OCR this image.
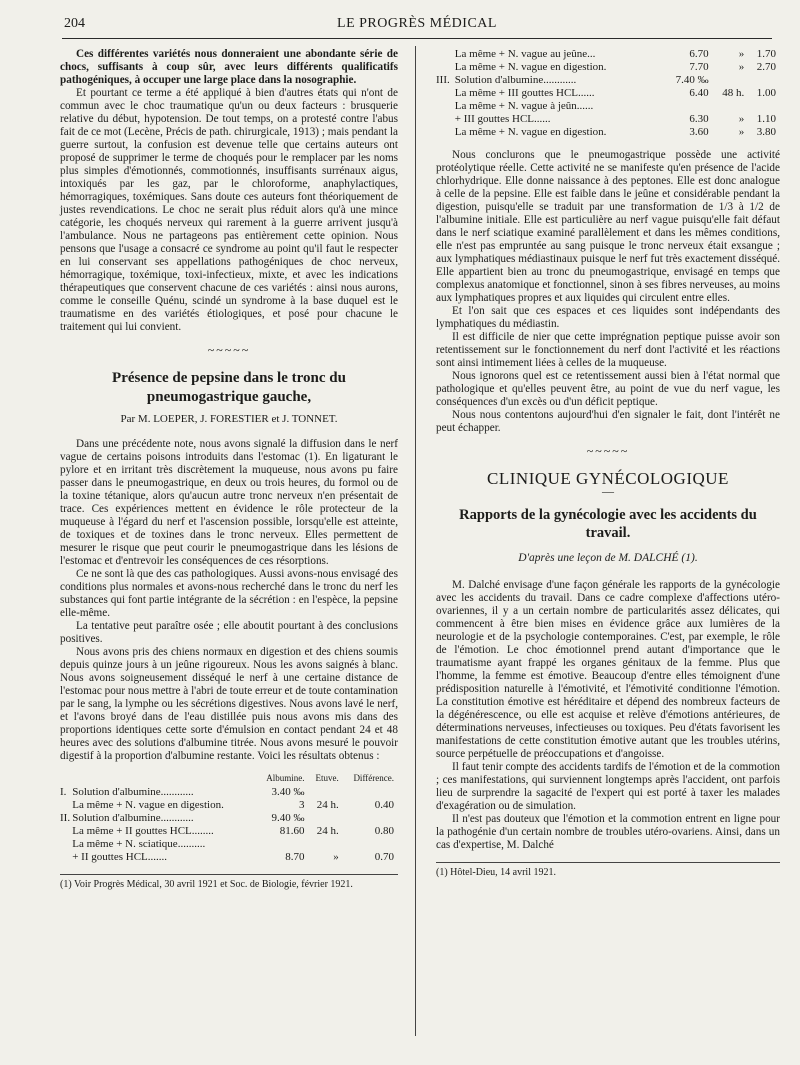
204	LE PROGRÈS MÉDICAL

Ces différentes variétés nous donneraient une abondante série de chocs, suffisants à coup sûr, avec leurs différents qualificatifs pathogéniques, à occuper une large place dans la nosographie.

Et pourtant ce terme a été appliqué à bien d'autres états qui n'ont de commun avec le choc traumatique qu'un ou deux facteurs : brusquerie relative du début, hypotension. De tout temps, on a protesté contre l'abus fait de ce mot (Lecène, Précis de path. chirurgicale, 1913) ; mais pendant la guerre surtout, la confusion est devenue telle que certains auteurs ont proposé de supprimer le terme de choqués pour le remplacer par les noms plus simples d'émotionnés, commotionnés, insuffisants surrénaux aigus, intoxiqués par les gaz, par le chloroforme, anaphylactiques, hémorragiques, toxémiques. Sans doute ces auteurs font théoriquement de justes revendications. Le choc ne serait plus réduit alors qu'à une mince catégorie, les choqués nerveux qui rarement à la guerre arrivent jusqu'à l'ambulance. Nous ne partageons pas entièrement cette opinion. Nous pensons que l'usage a consacré ce syndrome au point qu'il faut le respecter en lui conservant ses appellations pathogéniques de choc nerveux, hémorragique, toxémique, toxi-infectieux, mixte, et avec les indications thérapeutiques que conservent chacune de ces variétés : ainsi nous aurons, comme le conseille Quénu, scindé un syndrome à la base duquel est le traumatisme en des variétés étiologiques, et posé pour chacune le traitement qui lui convient.

~~~~~
Présence de pepsine dans le tronc du pneumogastrique gauche,
Par M. LOEPER, J. FORESTIER et J. TONNET.

Dans une précédente note, nous avons signalé la diffusion dans le nerf vague de certains poisons introduits dans l'estomac (1). En ligaturant le pylore et en irritant très discrètement la muqueuse, nous avons pu faire passer dans le pneumogastrique, en deux ou trois heures, du formol ou de la toxine tétanique, alors qu'aucun autre tronc nerveux n'en présentait de trace. Ces expériences mettent en évidence le rôle protecteur de la muqueuse à l'égard du nerf et l'ascension possible, lorsqu'elle est atteinte, de toxiques et de toxines dans le tronc nerveux. Elles permettent de mesurer le risque que peut courir le pneumogastrique dans les lésions de l'estomac et d'entrevoir les conséquences de ces résorptions.

Ce ne sont là que des cas pathologiques. Aussi avons-nous envisagé des conditions plus normales et avons-nous recherché dans le tronc du nerf les substances qui font partie intégrante de la sécrétion : en l'espèce, la pepsine elle-même.

La tentative peut paraître osée ; elle aboutit pourtant à des conclusions positives.

Nous avons pris des chiens normaux en digestion et des chiens soumis depuis quinze jours à un jeûne rigoureux. Nous les avons saignés à blanc. Nous avons soigneusement disséqué le nerf à une certaine distance de l'estomac pour nous mettre à l'abri de toute erreur et de toute contamination par le sang, la lymphe ou les sécrétions digestives. Nous avons lavé le nerf, et l'avons broyé dans de l'eau distillée puis nous avons mis dans des proportions identiques cette sorte d'émulsion en contact pendant 24 et 48 heures avec des solutions d'albumine titrée. Nous avons mesuré le pouvoir digestif à la proportion d'albumine restante. Voici les résultats obtenus :

		Albumine.	Etuve.	Différence.
I.	Solution d'albumine............	3.40 ‰		
	La même + N. vague en digestion.	3	24 h.	0.40
II.	Solution d'albumine............	9.40 ‰		
	La même + II gouttes HCL........	81.60	24 h.	0.80
	La même + N. sciatique..........			
	+ II gouttes HCL.......	8.70	»	0.70
(1) Voir Progrès Médical, 30 avril 1921 et Soc. de Biologie, février 1921.
	La même + N. vague au jeûne...	6.70	»	1.70
	La même + N. vague en digestion.	7.70	»	2.70
III.	Solution d'albumine............	7.40 ‰		
	La même + III gouttes HCL......	6.40	48 h.	1.00
	La même + N. vague à jeûn......			
	+ III gouttes HCL......	6.30	»	1.10
	La même + N. vague en digestion.	3.60	»	3.80

Nous conclurons que le pneumogastrique possède une activité protéolytique réelle. Cette activité ne se manifeste qu'en présence de l'acide chlorhydrique. Elle donne naissance à des peptones. Elle est donc analogue à celle de la pepsine. Elle est faible dans le jeûne et considérable pendant la digestion, puisqu'elle se traduit par une transformation de 1/3 à 1/2 de l'albumine initiale. Elle est particulière au nerf vague puisqu'elle fait défaut dans le nerf sciatique examiné parallèlement et dans les mêmes conditions, elle n'est pas empruntée au sang puisque le tronc nerveux était exsangue ; aux lymphatiques médiastinaux puisque le nerf fut très exactement disséqué. Elle appartient bien au tronc du pneumogastrique, envisagé en temps que complexus anatomique et fonctionnel, sinon à ses fibres nerveuses, au moins aux lymphatiques propres et aux liquides qui circulent entre elles.

Et l'on sait que ces espaces et ces liquides sont indépendants des lymphatiques du médiastin.

Il est difficile de nier que cette imprégnation peptique puisse avoir son retentissement sur le fonctionnement du nerf dont l'activité et les réactions sont ainsi intimement liées à celles de la muqueuse.

Nous ignorons quel est ce retentissement aussi bien à l'état normal que pathologique et qu'elles peuvent être, au point de vue du nerf vague, les conséquences d'un excès ou d'un déficit peptique.

Nous nous contentons aujourd'hui d'en signaler le fait, dont l'intérêt ne peut échapper.

~~~~~
CLINIQUE GYNÉCOLOGIQUE
—
Rapports de la gynécologie avec les accidents du travail.
D'après une leçon de M. DALCHÉ (1).

M. Dalché envisage d'une façon générale les rapports de la gynécologie avec les accidents du travail. Dans ce cadre complexe d'affections utéro-ovariennes, il y a un certain nombre de particularités assez délicates, qui commencent à être bien mises en évidence grâce aux lumières de la neurologie et de la psychologie contemporaines. C'est, par exemple, le rôle de l'émotion. Le choc émotionnel prend autant d'importance que le traumatisme ayant frappé les organes génitaux de la femme. Plus que l'homme, la femme est émotive. Beaucoup d'entre elles témoignent d'une prédisposition naturelle à l'émotivité, et l'émotivité conditionne l'émotion. La constitution émotive est héréditaire et dépend des nombreux facteurs de la dégénérescence, ou elle est acquise et relève d'émotions antérieures, de déterminations nerveuses, infectieuses ou toxiques. Peu d'états favorisent les manifestations de cette constitution émotive autant que les troubles utérins, source perpétuelle de préoccupations et d'angoisse.

Il faut tenir compte des accidents tardifs de l'émotion et de la commotion ; ces manifestations, qui surviennent longtemps après l'accident, ont parfois lieu de surprendre la sagacité de l'expert qui est porté à taxer les malades d'exagération ou de simulation.

Il n'est pas douteux que l'émotion et la commotion entrent en ligne pour la pathogénie d'un certain nombre de troubles utéro-ovariens. Ainsi, dans un cas d'expertise, M. Dalché

(1) Hôtel-Dieu, 14 avril 1921.
